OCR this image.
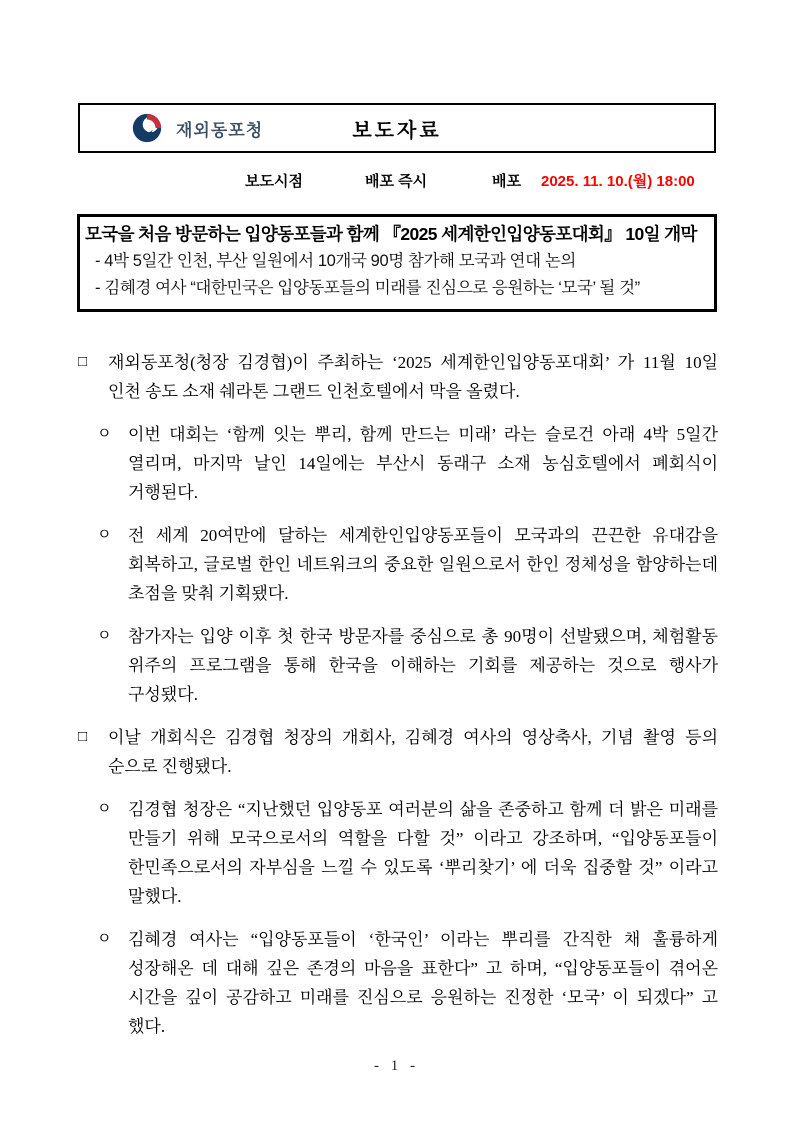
재외동포청	보도자료
보도시점	배포 즉시	배포 2025. 11. 10.(월) 18:00
모국을 처음 방문하는 입양동포들과 함께 『2025 세계한인입양동포대회』 10일 개막
- 4박 5일간 인천, 부산 일원에서 10개국 90명 참가해 모국과 연대 논의
- 김혜경 여사 “대한민국은 입양동포들의 미래를 진심으로 응원하는 ‘모국’ 될 것”
□	재외동포청(청장 김경협)이 주최하는 ‘2025 세계한인입양동포대회’ 가 11월 10일 인천 송도 소재 쉐라톤 그랜드 인천호텔에서 막을 올렸다.
ㅇ 이번 대회는 ‘함께 잇는 뿌리, 함께 만드는 미래’ 라는 슬로건 아래 4박 5일간 열리며, 마지막 날인 14일에는 부산시 동래구 소재 농심호텔에서 폐회식이 거행된다.
ㅇ 전 세계 20여만에 달하는 세계한인입양동포들이 모국과의 끈끈한 유대감을 회복하고, 글로벌 한인 네트워크의 중요한 일원으로서 한인 정체성을 함양하는데 초점을 맞춰 기획됐다.
ㅇ 참가자는 입양 이후 첫 한국 방문자를 중심으로 총 90명이 선발됐으며, 체험활동 위주의 프로그램을 통해 한국을 이해하는 기회를 제공하는 것으로 행사가 구성됐다.
□	이날 개회식은 김경협 청장의 개회사, 김혜경 여사의 영상축사, 기념 촬영 등의 순으로 진행됐다.
ㅇ 김경협 청장은 “지난했던 입양동포 여러분의 삶을 존중하고 함께 더 밝은 미래를 만들기 위해 모국으로서의 역할을 다할 것” 이라고 강조하며, “입양동포들이 한민족으로서의 자부심을 느낄 수 있도록 ‘뿌리찾기’ 에 더욱 집중할 것” 이라고 말했다.
ㅇ 김혜경 여사는 “입양동포들이 ‘한국인’ 이라는 뿌리를 간직한 채 훌륭하게 성장해온 데 대해 깊은 존경의 마음을 표한다” 고 하며, “입양동포들이 겪어온 시간을 깊이 공감하고 미래를 진심으로 응원하는 진정한 ‘모국’ 이 되겠다” 고 했다.
- 1 -
